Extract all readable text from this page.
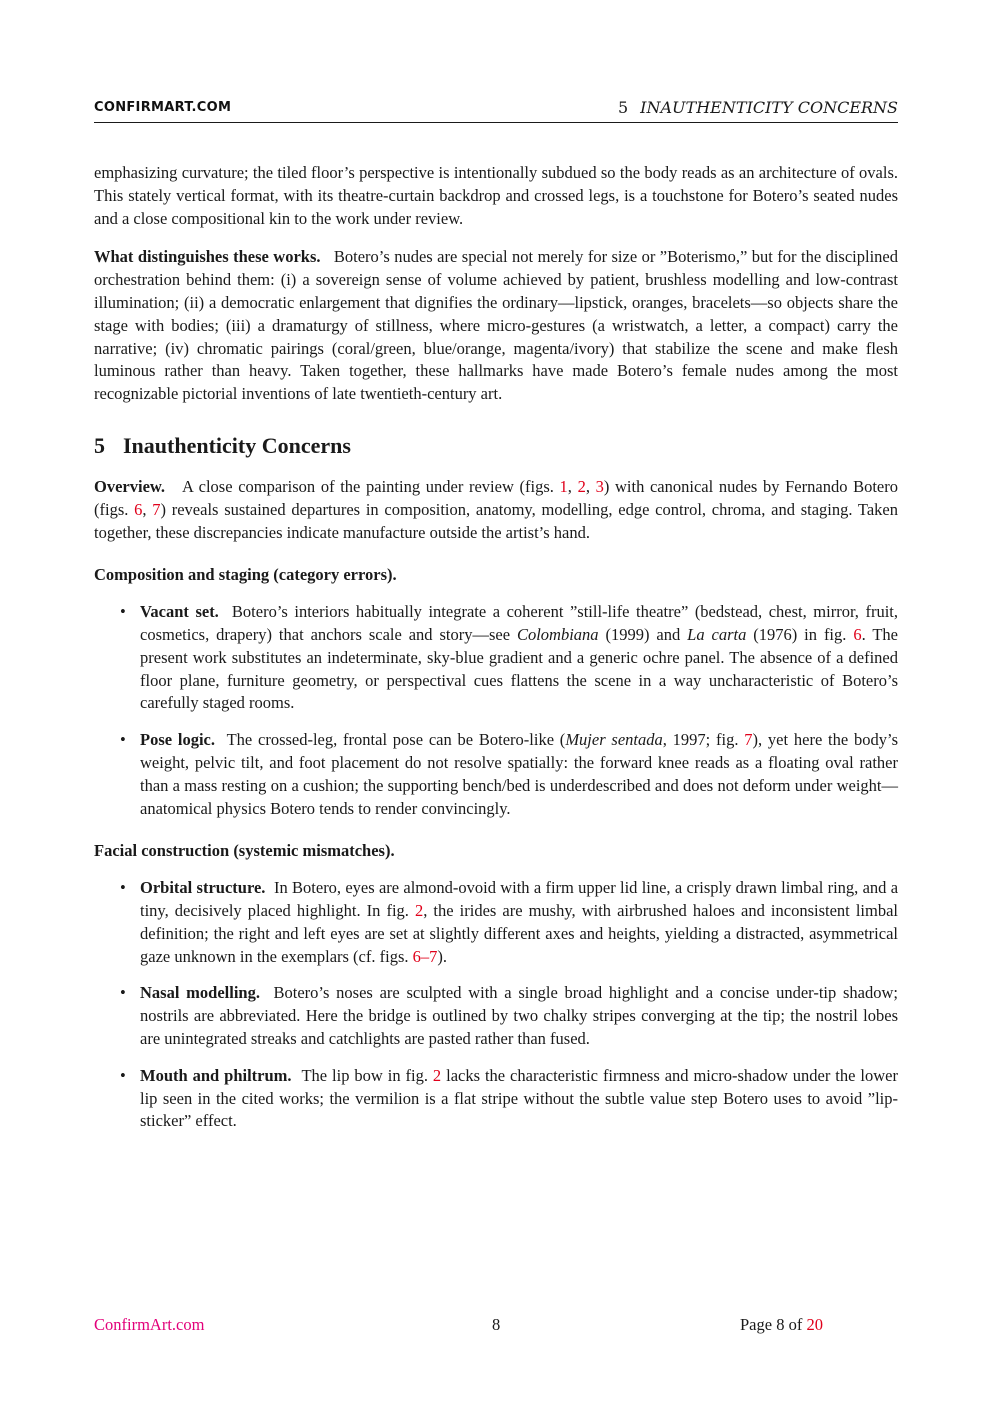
CONFIRMART.COM	5 INAUTHENTICITY CONCERNS

emphasizing curvature; the tiled floor’s perspective is intentionally subdued so the body reads as an architecture of ovals. This stately vertical format, with its theatre-curtain backdrop and crossed legs, is a touchstone for Botero’s seated nudes and a close compositional kin to the work under review.

What distinguishes these works. Botero’s nudes are special not merely for size or ”Boterismo,” but for the disciplined orchestration behind them: (i) a sovereign sense of volume achieved by patient, brushless modelling and low-contrast illumination; (ii) a democratic enlargement that dignifies the ordinary—lipstick, oranges, bracelets—so objects share the stage with bodies; (iii) a dramaturgy of stillness, where micro-gestures (a wristwatch, a letter, a compact) carry the narrative; (iv) chromatic pairings (coral/green, blue/orange, magenta/ivory) that stabilize the scene and make flesh luminous rather than heavy. Taken together, these hallmarks have made Botero’s female nudes among the most recognizable pictorial inventions of late twentieth-century art.

5 Inauthenticity Concerns

Overview. A close comparison of the painting under review (figs. 1, 2, 3) with canonical nudes by Fernando Botero (figs. 6, 7) reveals sustained departures in composition, anatomy, modelling, edge control, chroma, and staging. Taken together, these discrepancies indicate manufacture outside the artist’s hand.

Composition and staging (category errors).
• Vacant set. Botero’s interiors habitually integrate a coherent ”still-life theatre” (bedstead, chest, mirror, fruit, cosmetics, drapery) that anchors scale and story—see Colombiana (1999) and La carta (1976) in fig. 6. The present work substitutes an indeterminate, sky-blue gradient and a generic ochre panel. The absence of a defined floor plane, furniture geometry, or perspectival cues flattens the scene in a way uncharacteristic of Botero’s carefully staged rooms.
• Pose logic. The crossed-leg, frontal pose can be Botero-like (Mujer sentada, 1997; fig. 7), yet here the body’s weight, pelvic tilt, and foot placement do not resolve spatially: the forward knee reads as a floating oval rather than a mass resting on a cushion; the supporting bench/bed is underdescribed and does not deform under weight—anatomical physics Botero tends to render convincingly.
Facial construction (systemic mismatches).
• Orbital structure. In Botero, eyes are almond-ovoid with a firm upper lid line, a crisply drawn limbal ring, and a tiny, decisively placed highlight. In fig. 2, the irides are mushy, with airbrushed haloes and inconsistent limbal definition; the right and left eyes are set at slightly different axes and heights, yielding a distracted, asymmetrical gaze unknown in the exemplars (cf. figs. 6–7).
• Nasal modelling. Botero’s noses are sculpted with a single broad highlight and a concise under-tip shadow; nostrils are abbreviated. Here the bridge is outlined by two chalky stripes converging at the tip; the nostril lobes are unintegrated streaks and catchlights are pasted rather than fused.
• Mouth and philtrum. The lip bow in fig. 2 lacks the characteristic firmness and micro-shadow under the lower lip seen in the cited works; the vermilion is a flat stripe without the subtle value step Botero uses to avoid ”lip-sticker” effect.
ConfirmArt.com	8	Page 8 of 20
